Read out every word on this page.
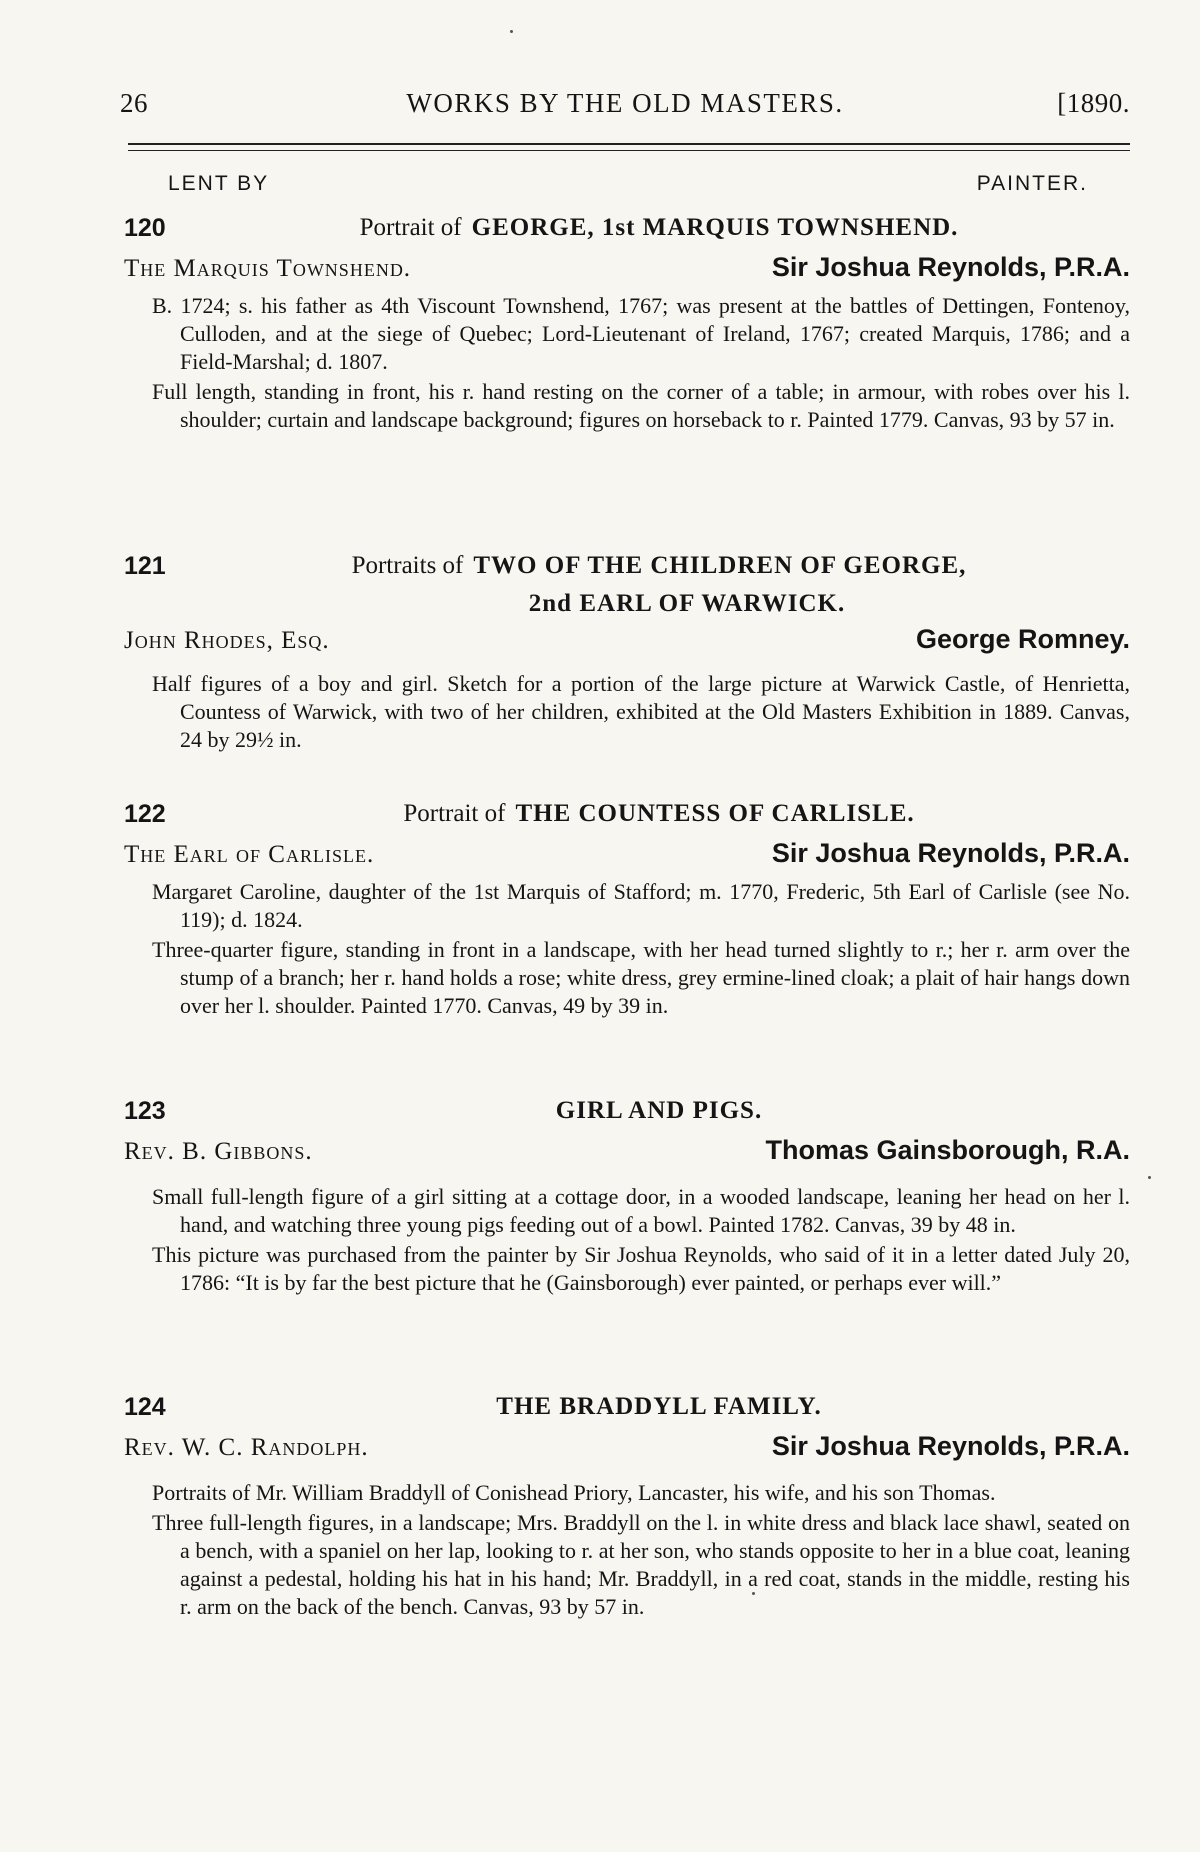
26	WORKS BY THE OLD MASTERS.	[1890.
LENT BY	PAINTER.
120	Portrait of GEORGE, 1st MARQUIS TOWNSHEND.
The Marquis Townshend.	Sir Joshua Reynolds, P.R.A.

B. 1724; s. his father as 4th Viscount Townshend, 1767; was present at the battles of Dettingen, Fontenoy, Culloden, and at the siege of Quebec; Lord-Lieutenant of Ireland, 1767; created Marquis, 1786; and a Field-Marshal; d. 1807.

Full length, standing in front, his r. hand resting on the corner of a table; in armour, with robes over his l. shoulder; curtain and landscape background; figures on horseback to r. Painted 1779. Canvas, 93 by 57 in.

121	Portraits of TWO OF THE CHILDREN OF GEORGE,
2nd EARL OF WARWICK.
John Rhodes, Esq.	George Romney.

Half figures of a boy and girl. Sketch for a portion of the large picture at Warwick Castle, of Henrietta, Countess of Warwick, with two of her children, exhibited at the Old Masters Exhibition in 1889. Canvas, 24 by 29½ in.

122	Portrait of THE COUNTESS OF CARLISLE.
The Earl of Carlisle.	Sir Joshua Reynolds, P.R.A.

Margaret Caroline, daughter of the 1st Marquis of Stafford; m. 1770, Frederic, 5th Earl of Carlisle (see No. 119); d. 1824.

Three-quarter figure, standing in front in a landscape, with her head turned slightly to r.; her r. arm over the stump of a branch; her r. hand holds a rose; white dress, grey ermine-lined cloak; a plait of hair hangs down over her l. shoulder. Painted 1770. Canvas, 49 by 39 in.

123	GIRL AND PIGS.
Rev. B. Gibbons.	Thomas Gainsborough, R.A.

Small full-length figure of a girl sitting at a cottage door, in a wooded landscape, leaning her head on her l. hand, and watching three young pigs feeding out of a bowl. Painted 1782. Canvas, 39 by 48 in.

This picture was purchased from the painter by Sir Joshua Reynolds, who said of it in a letter dated July 20, 1786: “It is by far the best picture that he (Gainsborough) ever painted, or perhaps ever will.”

124	THE BRADDYLL FAMILY.
Rev. W. C. Randolph.	Sir Joshua Reynolds, P.R.A.

Portraits of Mr. William Braddyll of Conishead Priory, Lancaster, his wife, and his son Thomas.

Three full-length figures, in a landscape; Mrs. Braddyll on the l. in white dress and black lace shawl, seated on a bench, with a spaniel on her lap, looking to r. at her son, who stands opposite to her in a blue coat, leaning against a pedestal, holding his hat in his hand; Mr. Braddyll, in a red coat, stands in the middle, resting his r. arm on the back of the bench. Canvas, 93 by 57 in.
